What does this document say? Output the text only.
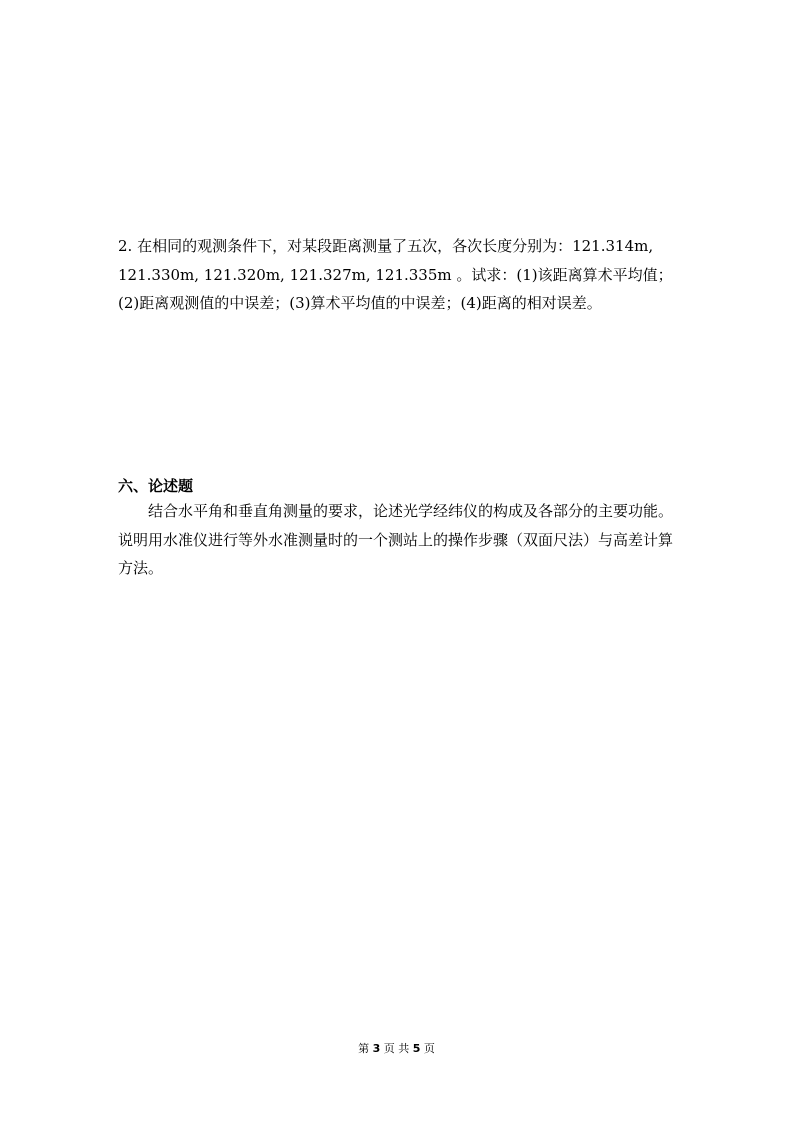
2. 在相同的观测条件下，对某段距离测量了五次，各次长度分别为：121.314m, 121.330m, 121.320m, 121.327m, 121.335m 。试求：(1)该距离算术平均值；(2)距离观测值的中误差；(3)算术平均值的中误差；(4)距离的相对误差。

六、论述题

结合水平角和垂直角测量的要求，论述光学经纬仪的构成及各部分的主要功能。说明用水准仪进行等外水准测量时的一个测站上的操作步骤（双面尺法）与高差计算方法。

第 3 页 共 5 页
